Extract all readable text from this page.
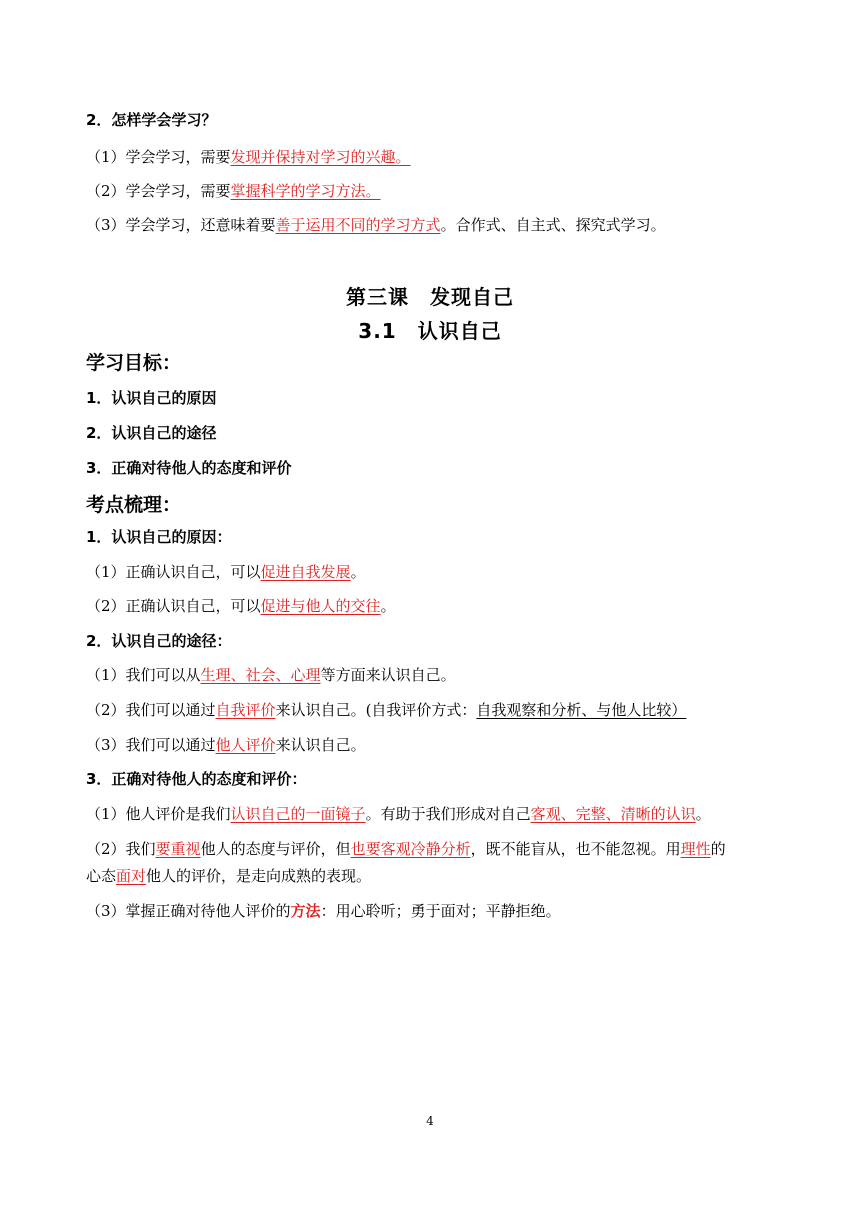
2．怎样学会学习？
（1）学会学习，需要发现并保持对学习的兴趣。
（2）学会学习，需要掌握科学的学习方法。
（3）学会学习，还意味着要善于运用不同的学习方式。合作式、自主式、探究式学习。
第三课　发现自己
3.1　认识自己
学习目标：
1．认识自己的原因
2．认识自己的途径
3．正确对待他人的态度和评价
考点梳理：
1．认识自己的原因：
（1）正确认识自己，可以促进自我发展。
（2）正确认识自己，可以促进与他人的交往。
2．认识自己的途径：
（1）我们可以从生理、社会、心理等方面来认识自己。
（2）我们可以通过自我评价来认识自己。(自我评价方式：自我观察和分析、与他人比较）
（3）我们可以通过他人评价来认识自己。
3．正确对待他人的态度和评价：
（1）他人评价是我们认识自己的一面镜子。有助于我们形成对自己客观、完整、清晰的认识。
（2）我们要重视他人的态度与评价，但也要客观冷静分析，既不能盲从，也不能忽视。用理性的
心态面对他人的评价，是走向成熟的表现。
（3）掌握正确对待他人评价的方法：用心聆听；勇于面对；平静拒绝。
4
